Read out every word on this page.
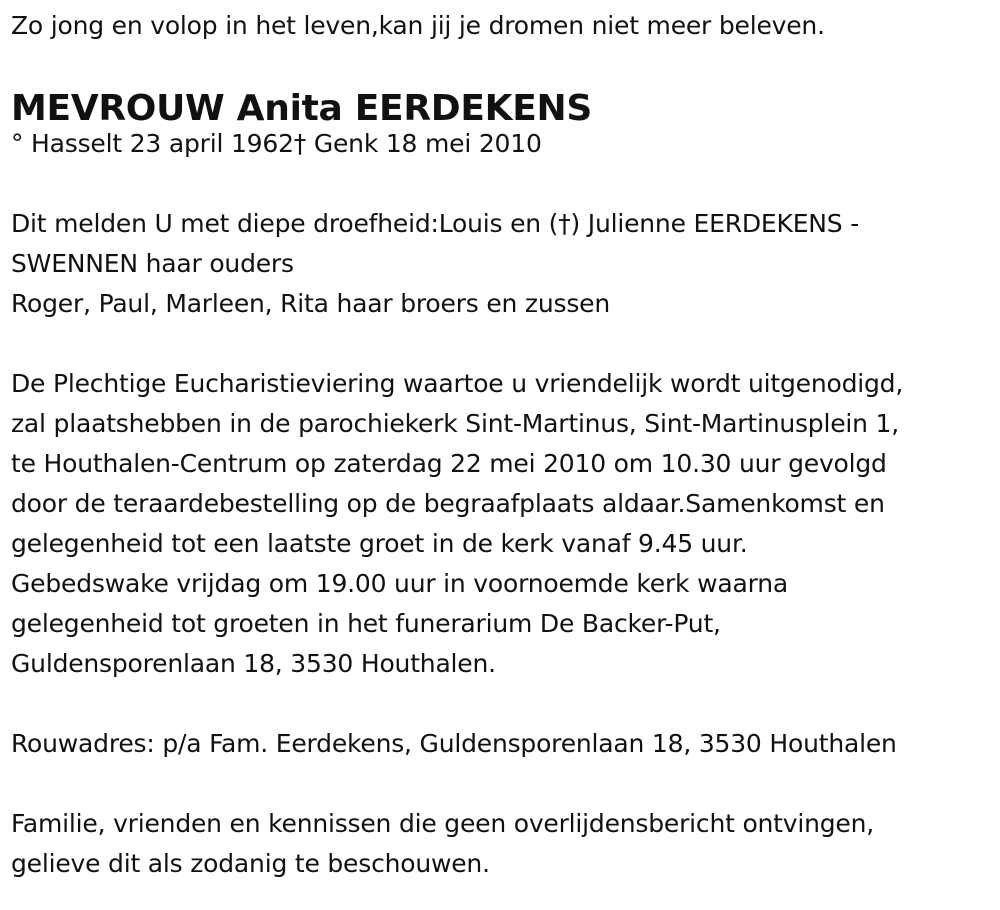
Zo jong en volop in het leven,kan jij je dromen niet meer beleven.
MEVROUW Anita EERDEKENS
° Hasselt 23 april 1962† Genk 18 mei 2010
Dit melden U met diepe droefheid:Louis en (†) Julienne EERDEKENS -
SWENNEN haar ouders
Roger, Paul, Marleen, Rita haar broers en zussen
De Plechtige Eucharistieviering waartoe u vriendelijk wordt uitgenodigd,
zal plaatshebben in de parochiekerk Sint-Martinus, Sint-Martinusplein 1,
te Houthalen-Centrum op zaterdag 22 mei 2010 om 10.30 uur gevolgd
door de teraardebestelling op de begraafplaats aldaar.Samenkomst en
gelegenheid tot een laatste groet in de kerk vanaf 9.45 uur.
Gebedswake vrijdag om 19.00 uur in voornoemde kerk waarna
gelegenheid tot groeten in het funerarium De Backer-Put,
Guldensporenlaan 18, 3530 Houthalen.
Rouwadres: p/a Fam. Eerdekens, Guldensporenlaan 18, 3530 Houthalen
Familie, vrienden en kennissen die geen overlijdensbericht ontvingen,
gelieve dit als zodanig te beschouwen.
